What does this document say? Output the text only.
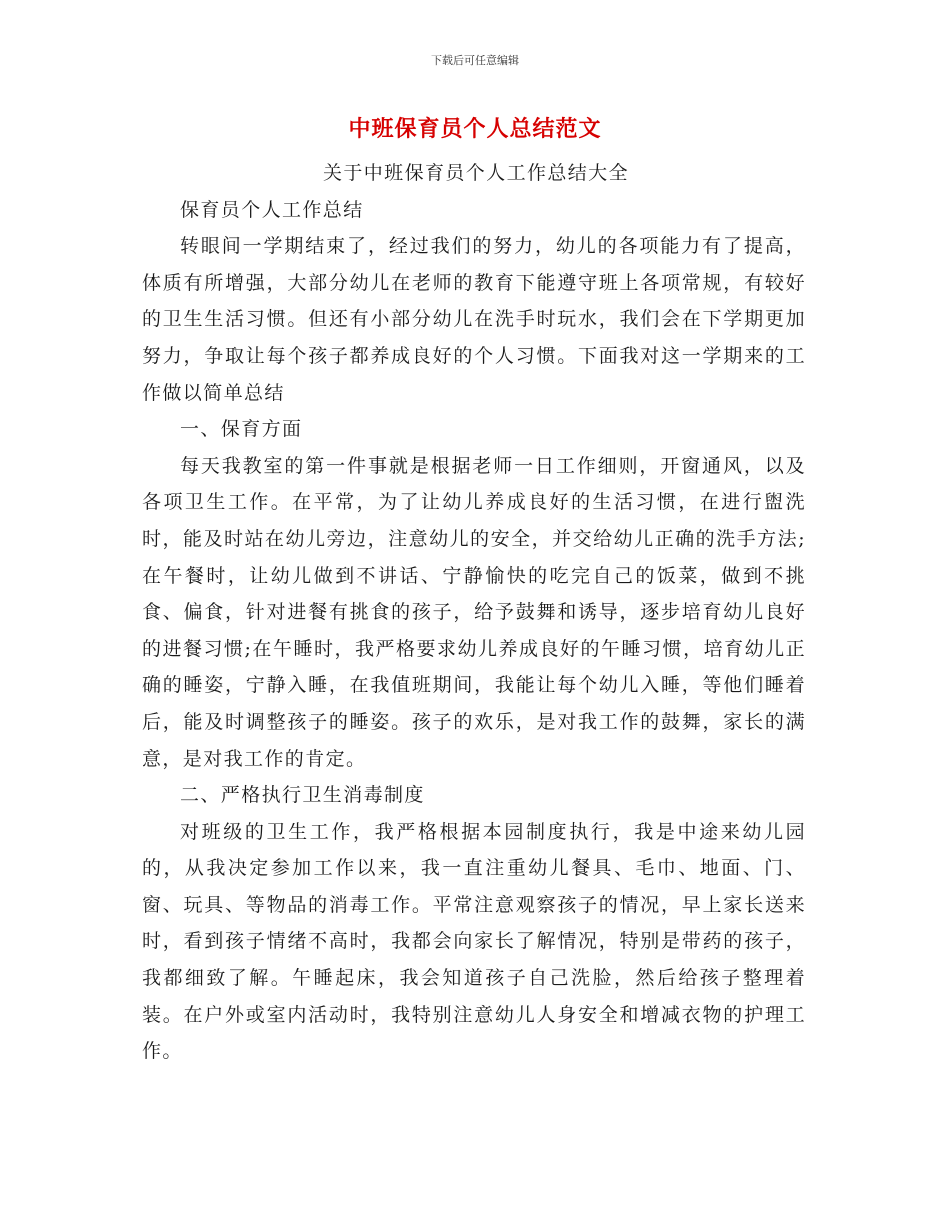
下载后可任意编辑
中班保育员个人总结范文

关于中班保育员个人工作总结大全

保育员个人工作总结

转眼间一学期结束了，经过我们的努力，幼儿的各项能力有了提高，体质有所增强，大部分幼儿在老师的教育下能遵守班上各项常规，有较好的卫生生活习惯。但还有小部分幼儿在洗手时玩水，我们会在下学期更加努力，争取让每个孩子都养成良好的个人习惯。下面我对这一学期来的工作做以简单总结

一、保育方面

每天我教室的第一件事就是根据老师一日工作细则，开窗通风，以及各项卫生工作。在平常，为了让幼儿养成良好的生活习惯，在进行盥洗时，能及时站在幼儿旁边，注意幼儿的安全，并交给幼儿正确的洗手方法;在午餐时，让幼儿做到不讲话、宁静愉快的吃完自己的饭菜，做到不挑食、偏食，针对进餐有挑食的孩子，给予鼓舞和诱导，逐步培育幼儿良好的进餐习惯;在午睡时，我严格要求幼儿养成良好的午睡习惯，培育幼儿正确的睡姿，宁静入睡，在我值班期间，我能让每个幼儿入睡，等他们睡着后，能及时调整孩子的睡姿。孩子的欢乐，是对我工作的鼓舞，家长的满意，是对我工作的肯定。

二、严格执行卫生消毒制度

对班级的卫生工作，我严格根据本园制度执行，我是中途来幼儿园的，从我决定参加工作以来，我一直注重幼儿餐具、毛巾、地面、门、窗、玩具、等物品的消毒工作。平常注意观察孩子的情况，早上家长送来时，看到孩子情绪不高时，我都会向家长了解情况，特别是带药的孩子，我都细致了解。午睡起床，我会知道孩子自己洗脸，然后给孩子整理着装。在户外或室内活动时，我特别注意幼儿人身安全和增减衣物的护理工作。
